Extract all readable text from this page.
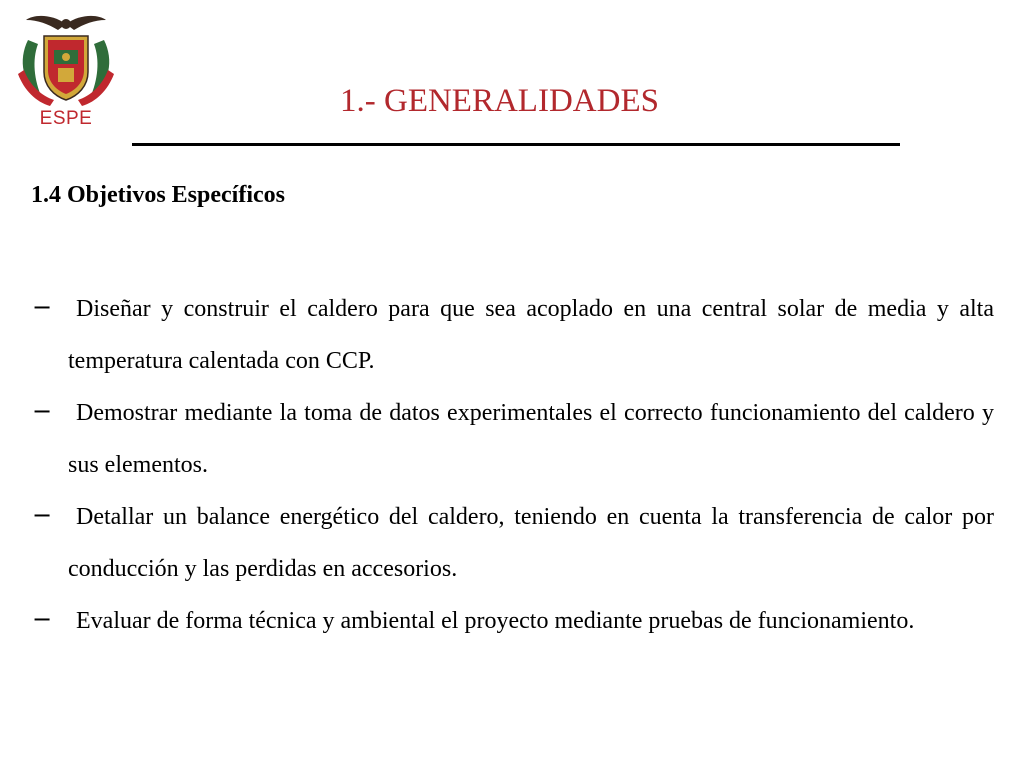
ESPE	1.- GENERALIDADES
1.4 Objetivos Específicos
− Diseñar y construir el caldero para que sea acoplado en una central solar de media y alta temperatura calentada con CCP.
− Demostrar mediante la toma de datos experimentales el correcto funcionamiento del caldero y sus elementos.
− Detallar un balance energético del caldero, teniendo en cuenta la transferencia de calor por conducción y las perdidas en accesorios.
− Evaluar de forma técnica y ambiental el proyecto mediante pruebas de funcionamiento.
